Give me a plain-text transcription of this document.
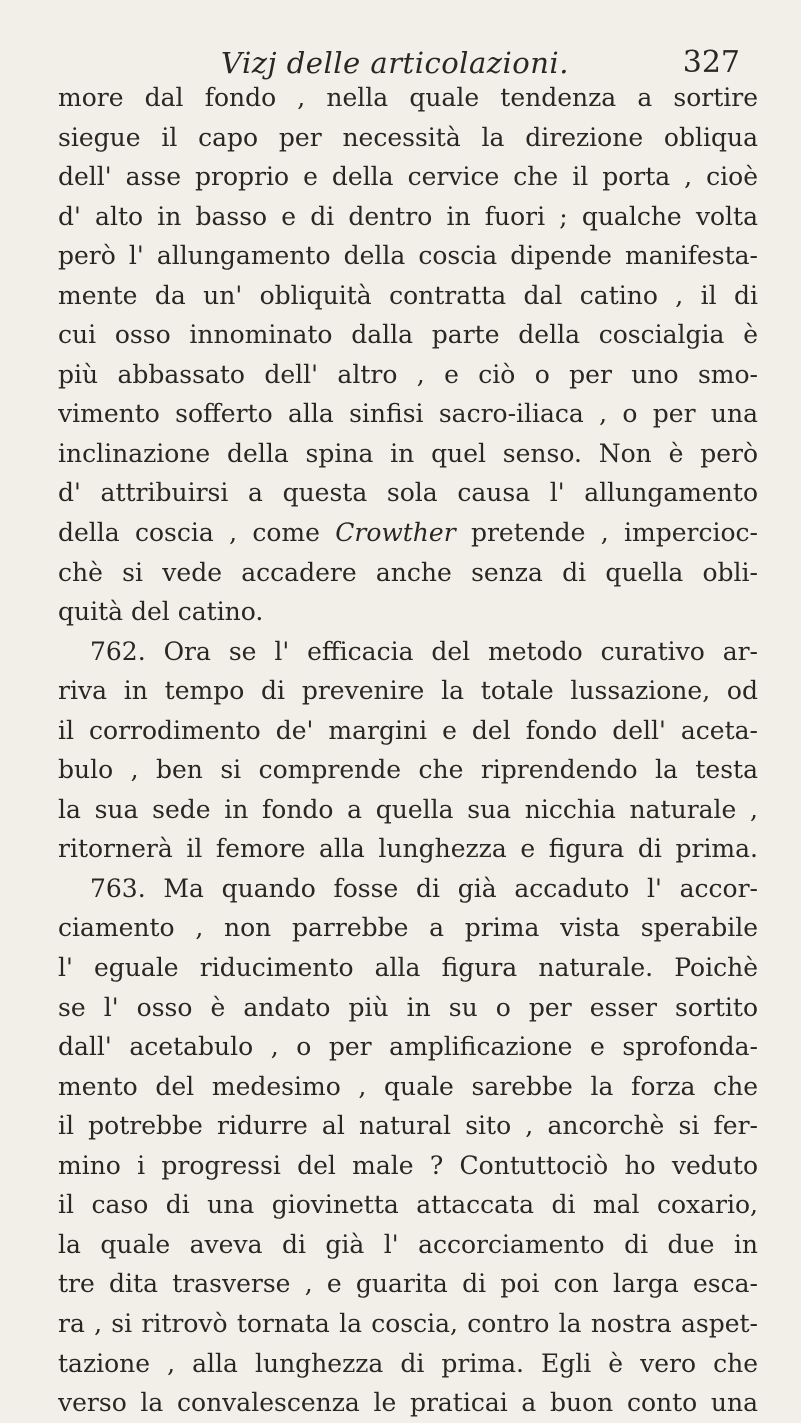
Vizj delle articolazioni.	327
more dal fondo , nella quale tendenza a sortire
siegue il capo per necessità la direzione obliqua
dell' asse proprio e della cervice che il porta , cioè
d' alto in basso e di dentro in fuori ; qualche volta
però l' allungamento della coscia dipende manifesta-
mente da un' obliquità contratta dal catino , il di
cui osso innominato dalla parte della coscialgia è
più abbassato dell' altro , e ciò o per uno smo-
vimento sofferto alla sinfisi sacro-iliaca , o per una
inclinazione della spina in quel senso. Non è però
d' attribuirsi a questa sola causa l' allungamento
della coscia , come Crowther pretende , impercioc-
chè si vede accadere anche senza di quella obli-
quità del catino.
762. Ora se l' efficacia del metodo curativo ar-
riva in tempo di prevenire la totale lussazione, od
il corrodimento de' margini e del fondo dell' aceta-
bulo , ben si comprende che riprendendo la testa
la sua sede in fondo a quella sua nicchia naturale ,
ritornerà il femore alla lunghezza e figura di prima.
763. Ma quando fosse di già accaduto l' accor-
ciamento , non parrebbe a prima vista sperabile
l' eguale riducimento alla figura naturale. Poichè
se l' osso è andato più in su o per esser sortito
dall' acetabulo , o per amplificazione e sprofonda-
mento del medesimo , quale sarebbe la forza che
il potrebbe ridurre al natural sito , ancorchè si fer-
mino i progressi del male ? Contuttociò ho veduto
il caso di una giovinetta attaccata di mal coxario,
la quale aveva di già l' accorciamento di due in
tre dita trasverse , e guarita di poi con larga esca-
ra , si ritrovò tornata la coscia, contro la nostra aspet-
tazione , alla lunghezza di prima. Egli è vero che
verso la convalescenza le praticai a buon conto una
